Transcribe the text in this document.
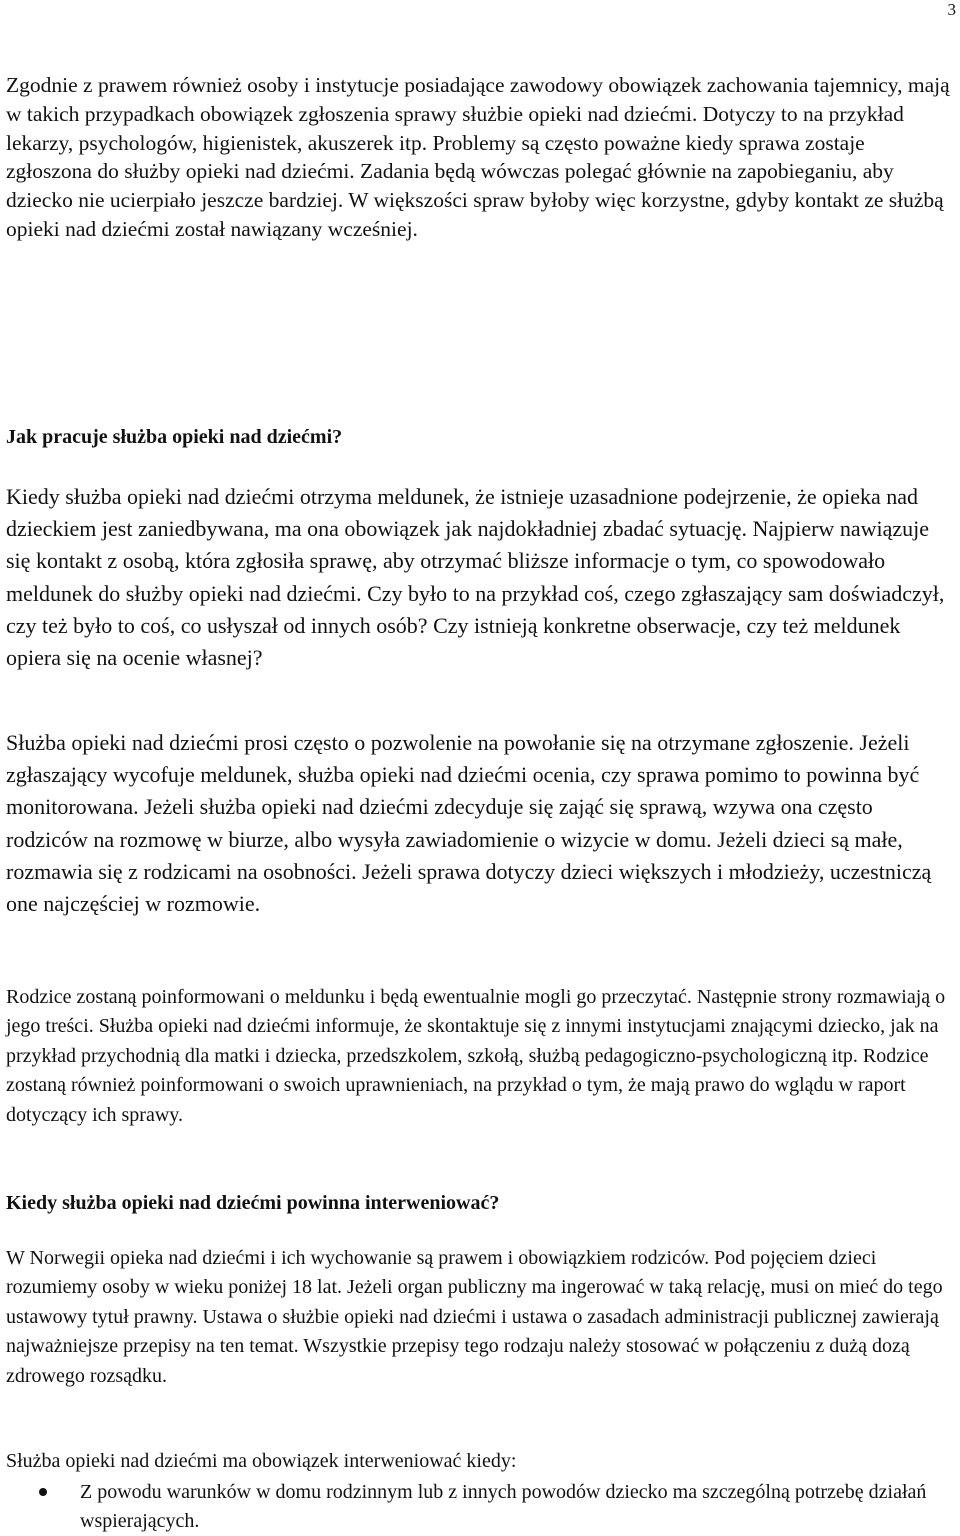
3

Zgodnie z prawem również osoby i instytucje posiadające zawodowy obowiązek zachowania tajemnicy, mają w takich przypadkach obowiązek zgłoszenia sprawy służbie opieki nad dziećmi. Dotyczy to na przykład lekarzy, psychologów, higienistek, akuszerek itp. Problemy są często poważne kiedy sprawa zostaje zgłoszona do służby opieki nad dziećmi. Zadania będą wówczas polegać głównie na zapobieganiu, aby dziecko nie ucierpiało jeszcze bardziej. W większości spraw byłoby więc korzystne, gdyby kontakt ze służbą opieki nad dziećmi został nawiązany wcześniej.

Jak pracuje służba opieki nad dziećmi?

Kiedy służba opieki nad dziećmi otrzyma meldunek, że istnieje uzasadnione podejrzenie, że opieka nad dzieckiem jest zaniedbywana, ma ona obowiązek jak najdokładniej zbadać sytuację. Najpierw nawiązuje się kontakt z osobą, która zgłosiła sprawę, aby otrzymać bliższe informacje o tym, co spowodowało meldunek do służby opieki nad dziećmi. Czy było to na przykład coś, czego zgłaszający sam doświadczył, czy też było to coś, co usłyszał od innych osób? Czy istnieją konkretne obserwacje, czy też meldunek opiera się na ocenie własnej?

Służba opieki nad dziećmi prosi często o pozwolenie na powołanie się na otrzymane zgłoszenie. Jeżeli zgłaszający wycofuje meldunek, służba opieki nad dziećmi ocenia, czy sprawa pomimo to powinna być monitorowana. Jeżeli służba opieki nad dziećmi zdecyduje się zająć się sprawą, wzywa ona często rodziców na rozmowę w biurze, albo wysyła zawiadomienie o wizycie w domu. Jeżeli dzieci są małe, rozmawia się z rodzicami na osobności. Jeżeli sprawa dotyczy dzieci większych i młodzieży, uczestniczą one najczęściej w rozmowie.

Rodzice zostaną poinformowani o meldunku i będą ewentualnie mogli go przeczytać. Następnie strony rozmawiają o jego treści. Służba opieki nad dziećmi informuje, że skontaktuje się z innymi instytucjami znającymi dziecko, jak na przykład przychodnią dla matki i dziecka, przedszkolem, szkołą, służbą pedagogiczno-psychologiczną itp. Rodzice zostaną również poinformowani o swoich uprawnieniach, na przykład o tym, że mają prawo do wglądu w raport dotyczący ich sprawy.

Kiedy służba opieki nad dziećmi powinna interweniować?

W Norwegii opieka nad dziećmi i ich wychowanie są prawem i obowiązkiem rodziców. Pod pojęciem dzieci rozumiemy osoby w wieku poniżej 18 lat. Jeżeli organ publiczny ma ingerować w taką relację, musi on mieć do tego ustawowy tytuł prawny. Ustawa o służbie opieki nad dziećmi i ustawa o zasadach administracji publicznej zawierają najważniejsze przepisy na ten temat. Wszystkie przepisy tego rodzaju należy stosować w połączeniu z dużą dozą zdrowego rozsądku.

Służba opieki nad dziećmi ma obowiązek interweniować kiedy:

Z powodu warunków w domu rodzinnym lub z innych powodów dziecko ma szczególną potrzebę działań wspierających.
